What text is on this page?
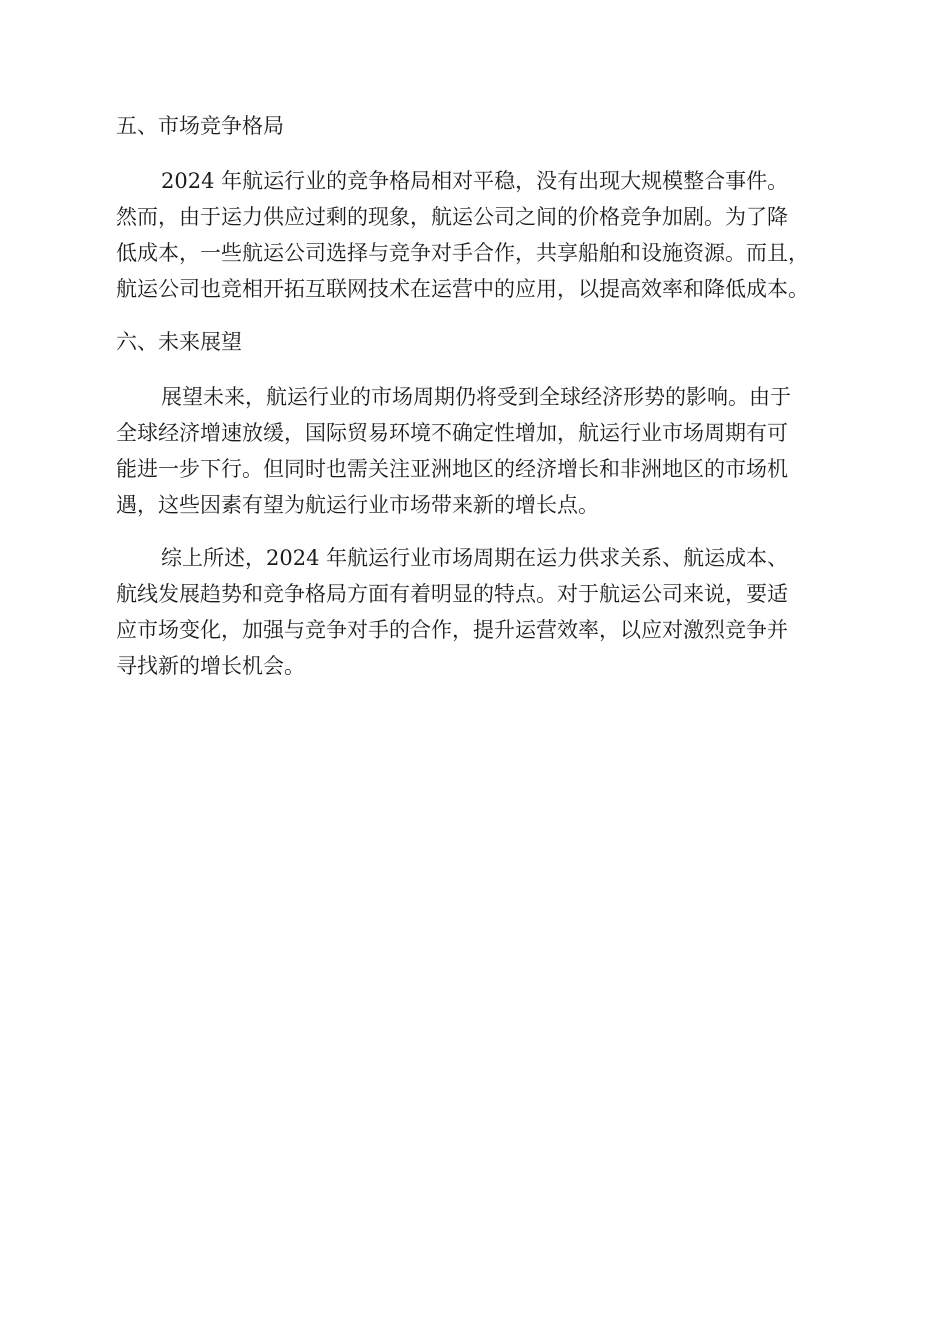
五、市场竞争格局
2024 年航运行业的竞争格局相对平稳，没有出现大规模整合事件。
然而，由于运力供应过剩的现象，航运公司之间的价格竞争加剧。为了降
低成本，一些航运公司选择与竞争对手合作，共享船舶和设施资源。而且，
航运公司也竞相开拓互联网技术在运营中的应用，以提高效率和降低成本。
六、未来展望
展望未来，航运行业的市场周期仍将受到全球经济形势的影响。由于
全球经济增速放缓，国际贸易环境不确定性增加，航运行业市场周期有可
能进一步下行。但同时也需关注亚洲地区的经济增长和非洲地区的市场机
遇，这些因素有望为航运行业市场带来新的增长点。
综上所述，2024 年航运行业市场周期在运力供求关系、航运成本、
航线发展趋势和竞争格局方面有着明显的特点。对于航运公司来说，要适
应市场变化，加强与竞争对手的合作，提升运营效率，以应对激烈竞争并
寻找新的增长机会。
